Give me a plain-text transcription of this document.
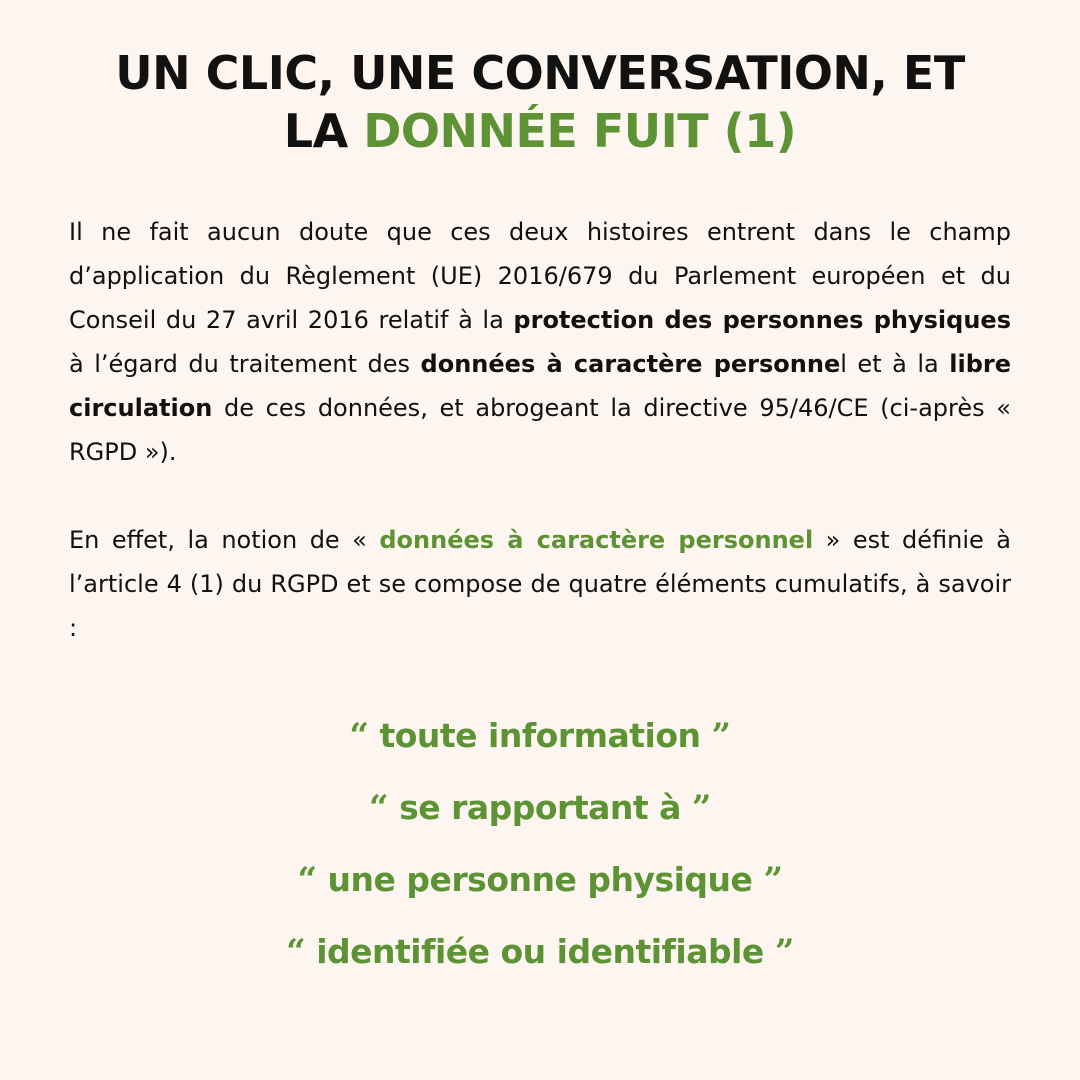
UN CLIC, UNE CONVERSATION, ET
LA DONNÉE FUIT (1)

Il ne fait aucun doute que ces deux histoires entrent dans le champ d’application du Règlement (UE) 2016/679 du Parlement européen et du Conseil du 27 avril 2016 relatif à la protection des personnes physiques à l’égard du traitement des données à caractère personnel et à la libre circulation de ces données, et abrogeant la directive 95/46/CE (ci-après « RGPD »).

En effet, la notion de « données à caractère personnel » est définie à l’article 4 (1) du RGPD et se compose de quatre éléments cumulatifs, à savoir :

“ toute information ”
“ se rapportant à ”
“ une personne physique ”
“ identifiée ou identifiable ”
